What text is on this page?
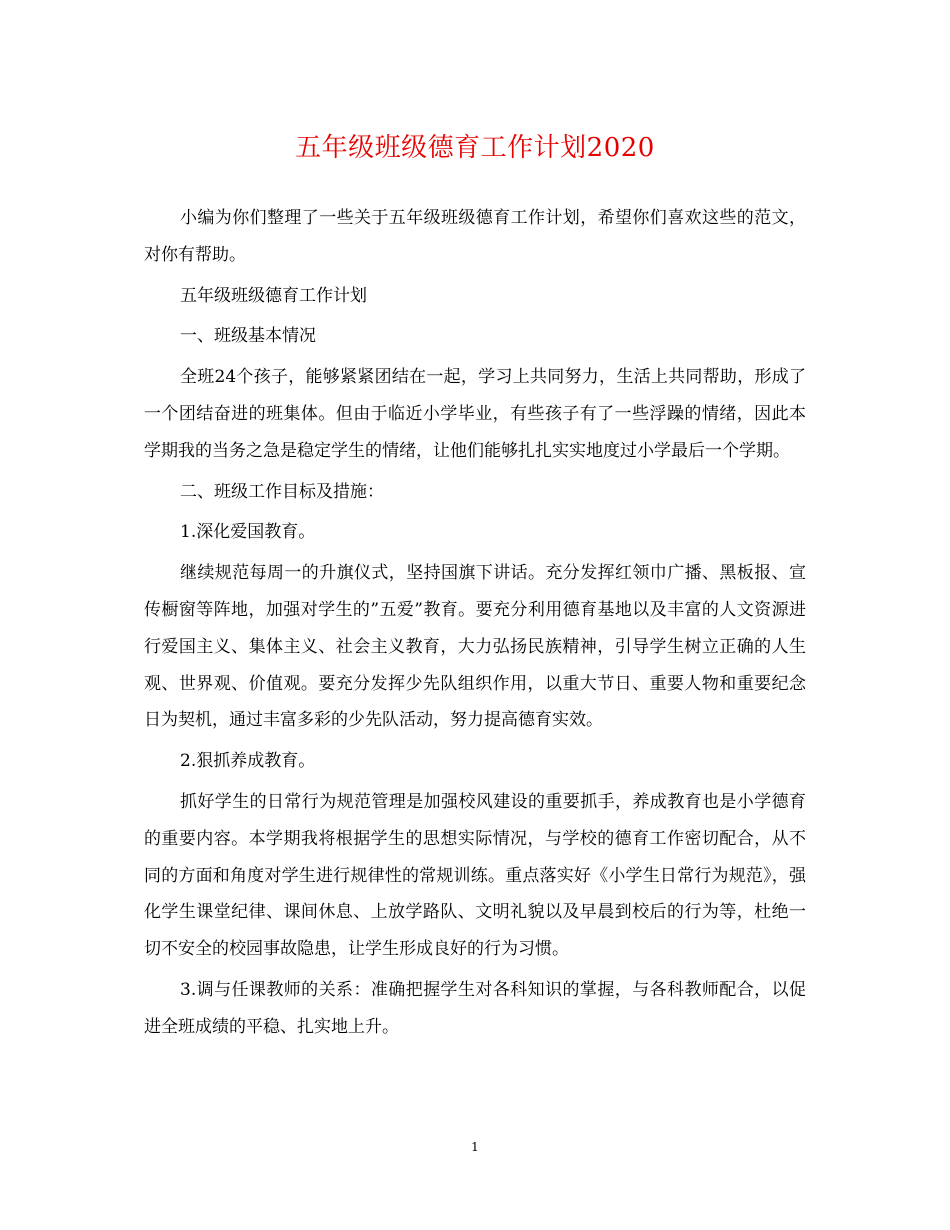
五年级班级德育工作计划2020

小编为你们整理了一些关于五年级班级德育工作计划，希望你们喜欢这些的范文，对你有帮助。

五年级班级德育工作计划

一、班级基本情况

全班24个孩子，能够紧紧团结在一起，学习上共同努力，生活上共同帮助，形成了一个团结奋进的班集体。但由于临近小学毕业，有些孩子有了一些浮躁的情绪，因此本学期我的当务之急是稳定学生的情绪，让他们能够扎扎实实地度过小学最后一个学期。

二、班级工作目标及措施：

1.深化爱国教育。

继续规范每周一的升旗仪式，坚持国旗下讲话。充分发挥红领巾广播、黑板报、宣传橱窗等阵地，加强对学生的”五爱”教育。要充分利用德育基地以及丰富的人文资源进行爱国主义、集体主义、社会主义教育，大力弘扬民族精神，引导学生树立正确的人生观、世界观、价值观。要充分发挥少先队组织作用，以重大节日、重要人物和重要纪念日为契机，通过丰富多彩的少先队活动，努力提高德育实效。

2.狠抓养成教育。

抓好学生的日常行为规范管理是加强校风建设的重要抓手，养成教育也是小学德育的重要内容。本学期我将根据学生的思想实际情况，与学校的德育工作密切配合，从不同的方面和角度对学生进行规律性的常规训练。重点落实好《小学生日常行为规范》，强化学生课堂纪律、课间休息、上放学路队、文明礼貌以及早晨到校后的行为等，杜绝一切不安全的校园事故隐患，让学生形成良好的行为习惯。

3.调与任课教师的关系：准确把握学生对各科知识的掌握，与各科教师配合，以促进全班成绩的平稳、扎实地上升。

1
